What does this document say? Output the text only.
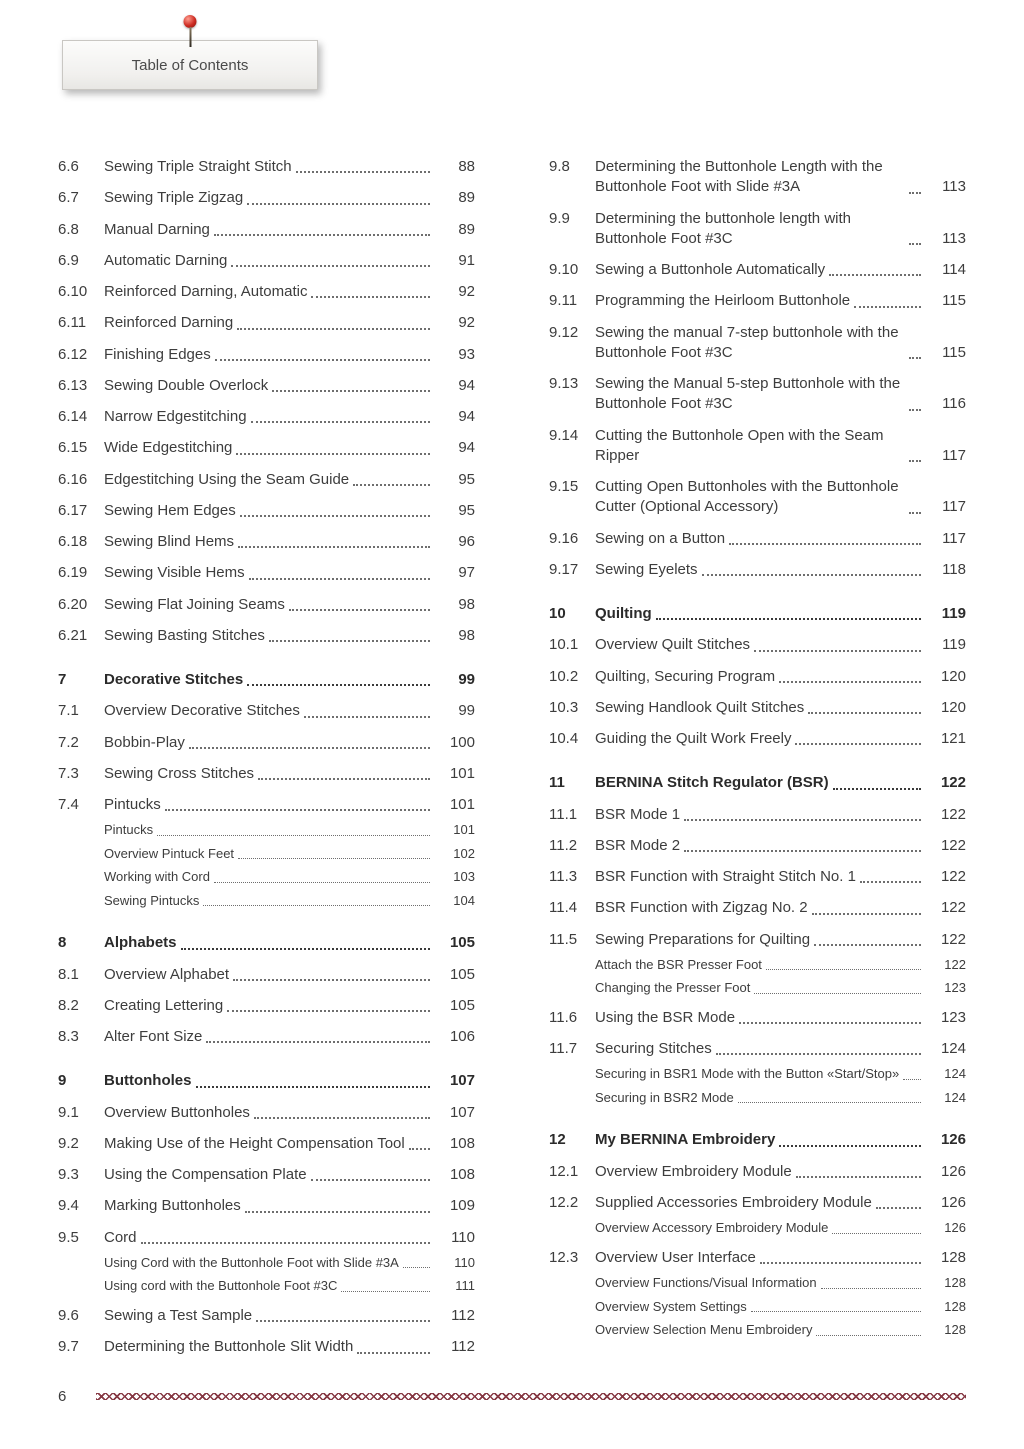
Table of Contents
6.6	Sewing Triple Straight Stitch	88
6.7	Sewing Triple Zigzag	89
6.8	Manual Darning	89
6.9	Automatic Darning	91
6.10	Reinforced Darning, Automatic	92
6.11	Reinforced Darning	92
6.12	Finishing Edges	93
6.13	Sewing Double Overlock	94
6.14	Narrow Edgestitching	94
6.15	Wide Edgestitching	94
6.16	Edgestitching Using the Seam Guide	95
6.17	Sewing Hem Edges	95
6.18	Sewing Blind Hems	96
6.19	Sewing Visible Hems	97
6.20	Sewing Flat Joining Seams	98
6.21	Sewing Basting Stitches	98
7	Decorative Stitches	99
7.1	Overview Decorative Stitches	99
7.2	Bobbin-Play	100
7.3	Sewing Cross Stitches	101
7.4	Pintucks	101
Pintucks	101
Overview Pintuck Feet	102
Working with Cord	103
Sewing Pintucks	104
8	Alphabets	105
8.1	Overview Alphabet	105
8.2	Creating Lettering	105
8.3	Alter Font Size	106
9	Buttonholes	107
9.1	Overview Buttonholes	107
9.2	Making Use of the Height Compensation Tool	108
9.3	Using the Compensation Plate	108
9.4	Marking Buttonholes	109
9.5	Cord	110
Using Cord with the Buttonhole Foot with Slide #3A	110
Using cord with the Buttonhole Foot #3C	111
9.6	Sewing a Test Sample	112
9.7	Determining the Buttonhole Slit Width	112
9.8	Determining the Buttonhole Length with the Buttonhole Foot with Slide #3A	113
9.9	Determining the buttonhole length with Buttonhole Foot #3C	113
9.10	Sewing a Buttonhole Automatically	114
9.11	Programming the Heirloom Buttonhole	115
9.12	Sewing the manual 7-step buttonhole with the Buttonhole Foot #3C	115
9.13	Sewing the Manual 5-step Buttonhole with the Buttonhole Foot #3C	116
9.14	Cutting the Buttonhole Open with the Seam Ripper	117
9.15	Cutting Open Buttonholes with the Buttonhole Cutter (Optional Accessory)	117
9.16	Sewing on a Button	117
9.17	Sewing Eyelets	118
10	Quilting	119
10.1	Overview Quilt Stitches	119
10.2	Quilting, Securing Program	120
10.3	Sewing Handlook Quilt Stitches	120
10.4	Guiding the Quilt Work Freely	121
11	BERNINA Stitch Regulator (BSR)	122
11.1	BSR Mode 1	122
11.2	BSR Mode 2	122
11.3	BSR Function with Straight Stitch No. 1	122
11.4	BSR Function with Zigzag No. 2	122
11.5	Sewing Preparations for Quilting	122
Attach the BSR Presser Foot	122
Changing the Presser Foot	123
11.6	Using the BSR Mode	123
11.7	Securing Stitches	124
Securing in BSR1 Mode with the Button «Start/Stop»	124
Securing in BSR2 Mode	124
12	My BERNINA Embroidery	126
12.1	Overview Embroidery Module	126
12.2	Supplied Accessories Embroidery Module	126
Overview Accessory Embroidery Module	126
12.3	Overview User Interface	128
Overview Functions/Visual Information	128
Overview System Settings	128
Overview Selection Menu Embroidery	128
6
